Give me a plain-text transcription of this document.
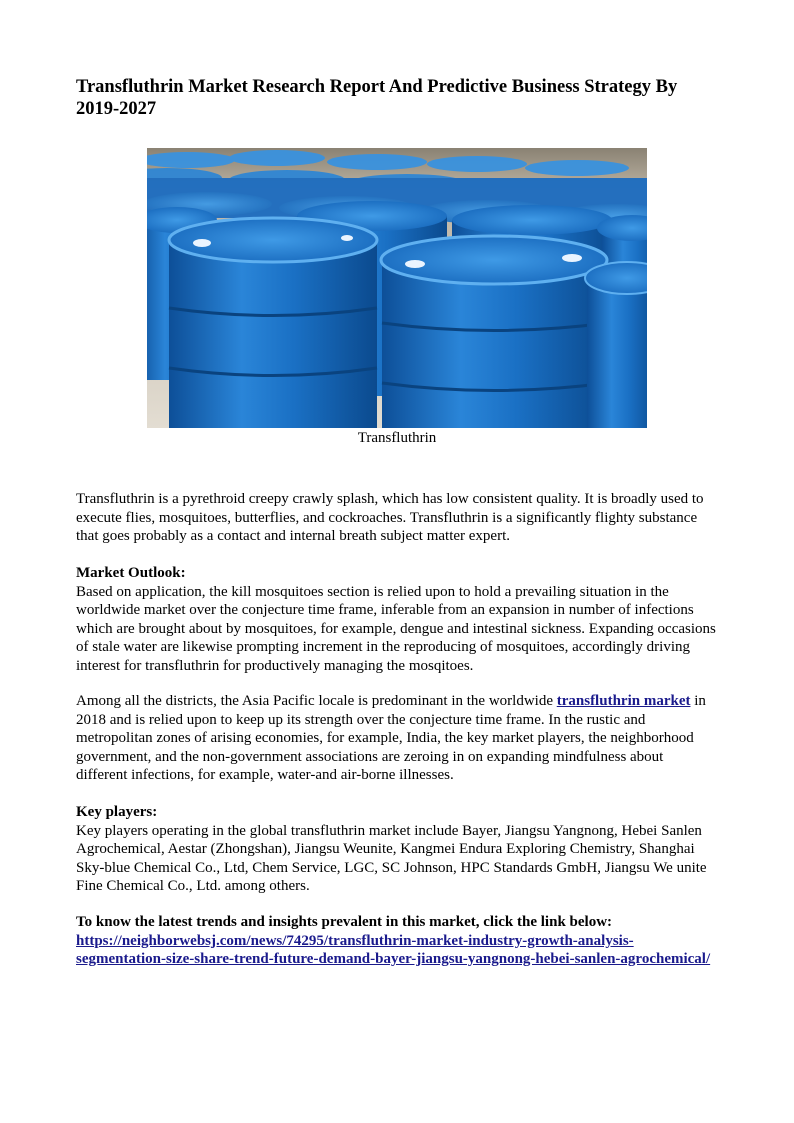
Transfluthrin Market Research Report And Predictive Business Strategy By 2019-2027
Transfluthrin

Transfluthrin is a pyrethroid creepy crawly splash, which has low consistent quality. It is broadly used to execute flies, mosquitoes, butterflies, and cockroaches. Transfluthrin is a significantly flighty substance that goes probably as a contact and internal breath subject matter expert.

Market Outlook:
Based on application, the kill mosquitoes section is relied upon to hold a prevailing situation in the worldwide market over the conjecture time frame, inferable from an expansion in number of infections which are brought about by mosquitoes, for example, dengue and intestinal sickness. Expanding occasions of stale water are likewise prompting increment in the reproducing of mosquitoes, accordingly driving interest for transfluthrin for productively managing the mosqitoes.

Among all the districts, the Asia Pacific locale is predominant in the worldwide transfluthrin market in 2018 and is relied upon to keep up its strength over the conjecture time frame. In the rustic and metropolitan zones of arising economies, for example, India, the key market players, the neighborhood government, and the non-government associations are zeroing in on expanding mindfulness about different infections, for example, water-and air-borne illnesses.

Key players:
Key players operating in the global transfluthrin market include Bayer, Jiangsu Yangnong, Hebei Sanlen Agrochemical, Aestar (Zhongshan), Jiangsu Weunite, Kangmei Endura Exploring Chemistry, Shanghai Sky-blue Chemical Co., Ltd, Chem Service, LGC, SC Johnson, HPC Standards GmbH, Jiangsu We unite Fine Chemical Co., Ltd. among others.

To know the latest trends and insights prevalent in this market, click the link below:
https://neighborwebsj.com/news/74295/transfluthrin-market-industry-growth-analysis-segmentation-size-share-trend-future-demand-bayer-jiangsu-yangnong-hebei-sanlen-agrochemical/
